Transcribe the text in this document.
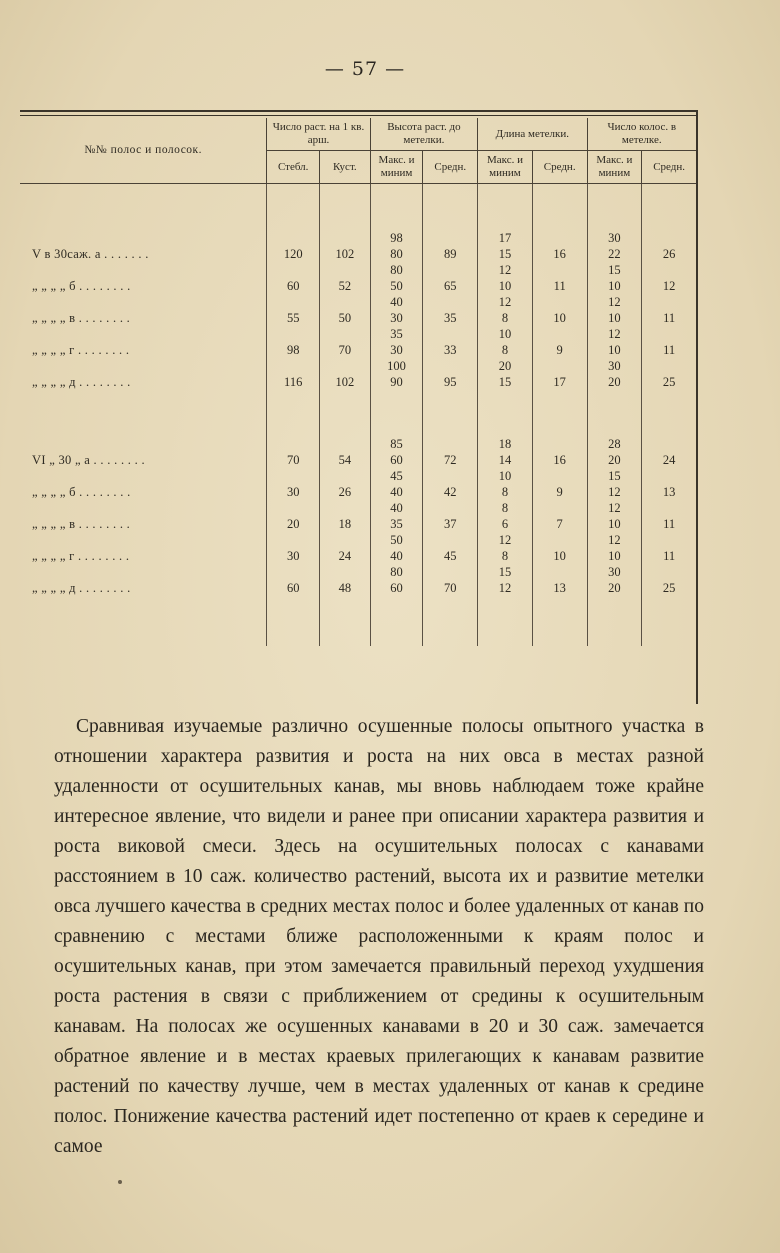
— 57 —
№№ полос и полосок.	Число раст. на 1 кв. арш.		Высота раст. до метелки.		Длина метелки.		Число колос. в метелке.	
	Стебл.	Куст.	Макс. и миним	Средн.	Макс. и миним	Средн.	Макс. и миним	Средн.

			98		17		30	
V в 30саж. а . . . . . . .	120	102	80	89	15	16	22	26
			80		12		15	
„ „ „ „ б . . . . . . . .	60	52	50	65	10	11	10	12
			40		12		12	
„ „ „ „ в . . . . . . . .	55	50	30	35	8	10	10	11
			35		10		12	
„ „ „ „ г . . . . . . . .	98	70	30	33	8	9	10	11
			100		20		30	
„ „ „ „ д . . . . . . . .	116	102	90	95	15	17	20	25

			85		18		28	
VI „ 30 „ а . . . . . . . .	70	54	60	72	14	16	20	24
			45		10		15	
„ „ „ „ б . . . . . . . .	30	26	40	42	8	9	12	13
			40		8		12	
„ „ „ „ в . . . . . . . .	20	18	35	37	6	7	10	11
			50		12		12	
„ „ „ „ г . . . . . . . .	30	24	40	45	8	10	10	11
			80		15		30	
„ „ „ „ д . . . . . . . .	60	48	60	70	12	13	20	25

Сравнивая изучаемые различно осушенные полосы опытного участка в отношении характера развития и роста на них овса в местах разной удаленности от осушительных канав, мы вновь наблюдаем тоже крайне интересное явление, что видели и ранее при описании характера развития и роста виковой смеси. Здесь на осушительных полосах с канавами расстоянием в 10 саж. количество растений, высота их и развитие метелки овса лучшего качества в средних местах полос и более удаленных от канав по сравнению с местами ближе расположенными к краям полос и осушительных канав, при этом замечается правильный переход ухудшения роста растения в связи с приближением от средины к осушительным канавам. На полосах же осушенных канавами в 20 и 30 саж. замечается обратное явление и в местах краевых прилегающих к канавам развитие растений по качеству лучше, чем в местах удаленных от канав к средине полос. Понижение качества растений идет постепенно от краев к середине и самое
